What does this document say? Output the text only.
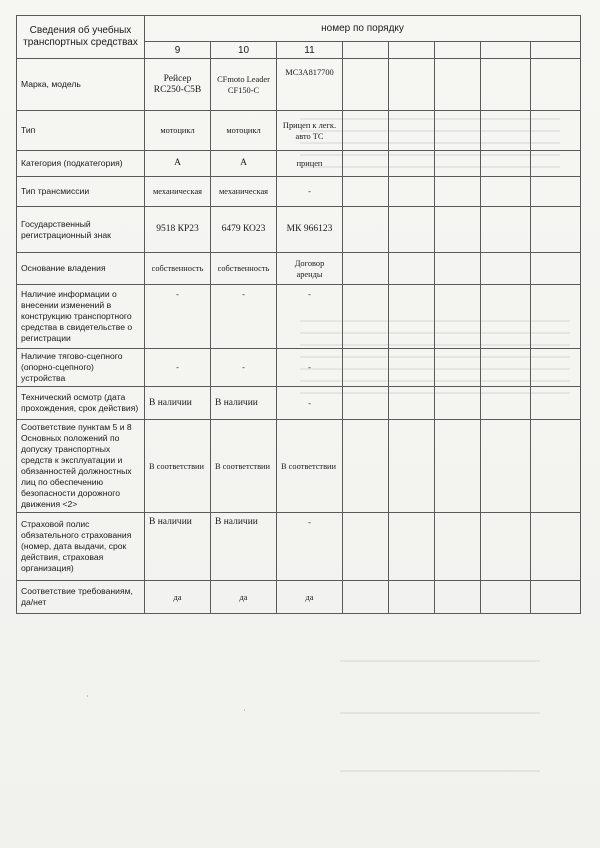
Сведения об учебных транспортных средствах	номер по порядку							
	9	10	11					
Марка, модель	Рейсер RC250-C5B	CFmoto Leader CF150-C	MC3A817700					
Тип	мотоцикл	мотоцикл	Прицеп к легк. авто ТС					
Категория (подкатегория)	А	А	прицеп					
Тип трансмиссии	механическая	механическая	-					
Государственный регистрационный знак	9518 КР23	6479 КО23	МК 966123					
Основание владения	собственность	собственность	Договор аренды					
Наличие информации о внесении изменений в конструкцию транспортного средства в свидетельстве о регистрации	-	-	-					
Наличие тягово-сцепного (опорно-сцепного) устройства	-	-	-					
Технический осмотр (дата прохождения, срок действия)	В наличии	В наличии	-					
Соответствие пунктам 5 и 8 Основных положений по допуску транспортных средств к эксплуатации и обязанностей должностных лиц по обеспечению безопасности дорожного движения <2>	В соответствии	В соответствии	В соответствии					
Страховой полис обязательного страхования (номер, дата выдачи, срок действия, страховая организация)	В наличии	В наличии	-					
Соответствие требованиям, да/нет	да	да	да					
·
·
